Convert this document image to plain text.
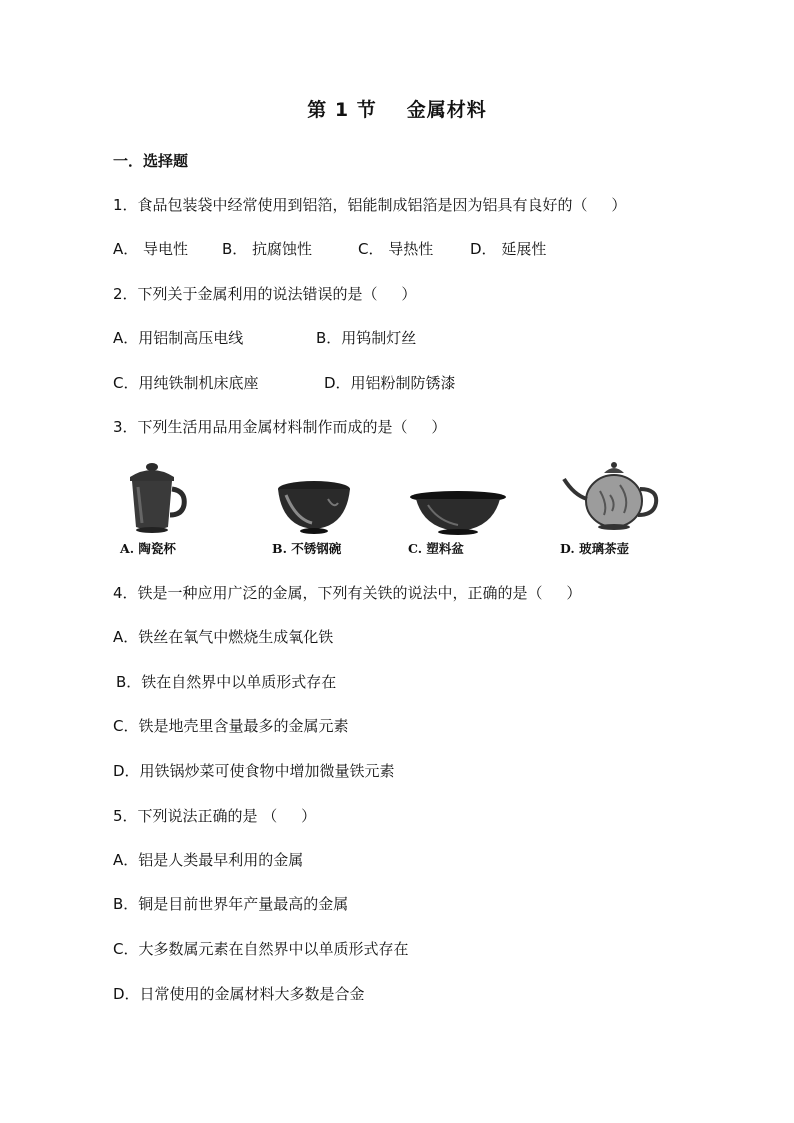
第 1 节 金属材料
一．选择题
1．食品包装袋中经常使用到铝箔，铝能制成铝箔是因为铝具有良好的（     ）
A． 导电性 B． 抗腐蚀性	C． 导热性 D． 延展性
2．下列关于金属利用的说法错误的是（     ）
A．用铝制高压电线	B．用钨制灯丝
C．用纯铁制机床底座	D．用铝粉制防锈漆
3．下列生活用品用金属材料制作而成的是（     ）
A. 陶瓷杯	B. 不锈钢碗	C. 塑料盆	D. 玻璃茶壶
4．铁是一种应用广泛的金属，下列有关铁的说法中，正确的是（     ）
A．铁丝在氧气中燃烧生成氧化铁
B．铁在自然界中以单质形式存在
C．铁是地壳里含量最多的金属元素
D．用铁锅炒菜可使食物中增加微量铁元素
5．下列说法正确的是 （     ）
A．铝是人类最早利用的金属
B．铜是目前世界年产量最高的金属
C．大多数属元素在自然界中以单质形式存在
D．日常使用的金属材料大多数是合金
